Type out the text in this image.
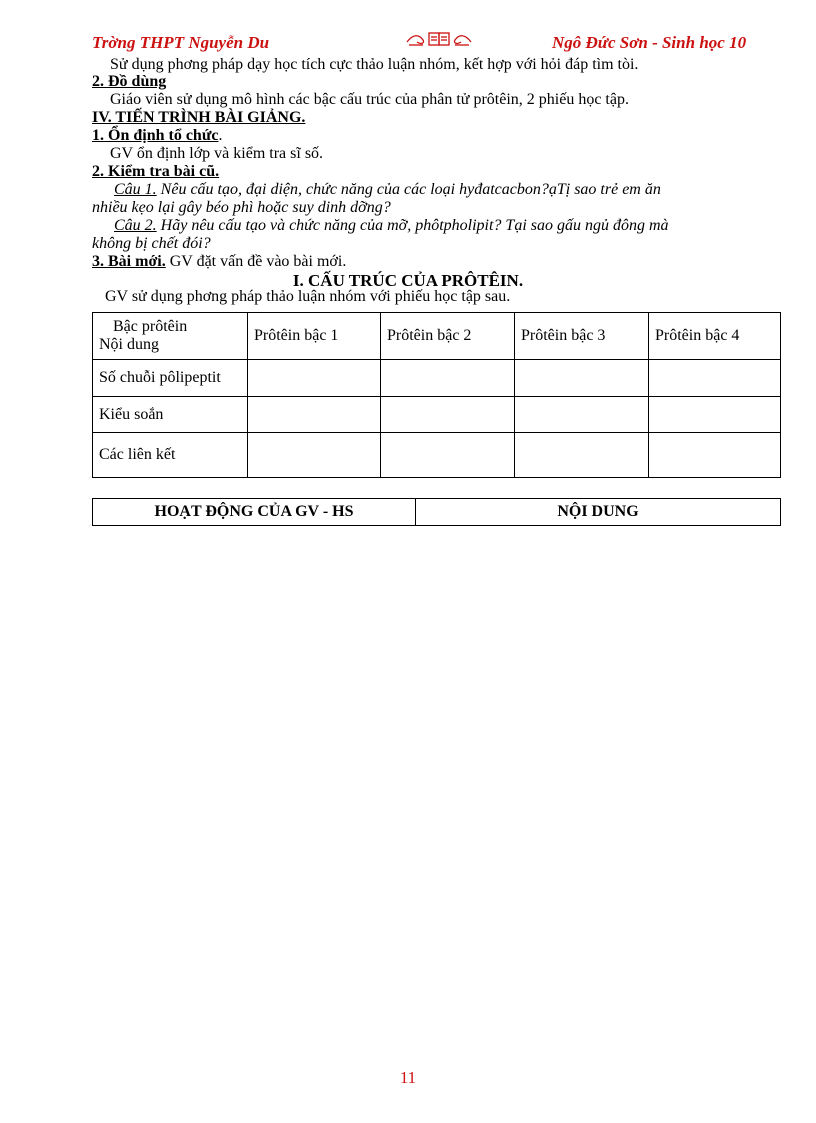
Trờng THPT Nguyễn Du	Ngô Đức Sơn - Sinh học 10
Sử dụng phơng pháp dạy học tích cực thảo luận nhóm, kết hợp với hỏi đáp tìm tòi.
2. Đồ dùng
Giáo viên sử dụng mô hình các bậc cấu trúc của phân tử prôtêin, 2 phiếu học tập.
IV. TIẾN TRÌNH BÀI GIẢNG.
1. Ổn định tổ chức.
GV ổn định lớp và kiểm tra sĩ số.
2. Kiểm tra bài cũ.
Câu 1. Nêu cấu tạo, đại diện, chức năng của các loại hyđatcacbon?ạTị sao trẻ em ăn
nhiều kẹo lại gây béo phì hoặc suy dinh dỡng?
Câu 2. Hãy nêu cấu tạo và chức năng của mỡ, phôtpholipit? Tại sao gấu ngủ đông mà
không bị chết đói?
3. Bài mới. GV đặt vấn đề vào bài mới.
I. CẤU TRÚC CỦA PRÔTÊIN.
GV sử dụng phơng pháp thảo luận nhóm với phiếu học tập sau.
Bậc prôtêin
Nội dung	Prôtêin bậc 1	Prôtêin bậc 2	Prôtêin bậc 3	Prôtêin bậc 4
Số chuỗi pôlipeptit				
Kiểu soắn				
Các liên kết				
HOẠT ĐỘNG CỦA GV - HS	NỘI DUNG
11
